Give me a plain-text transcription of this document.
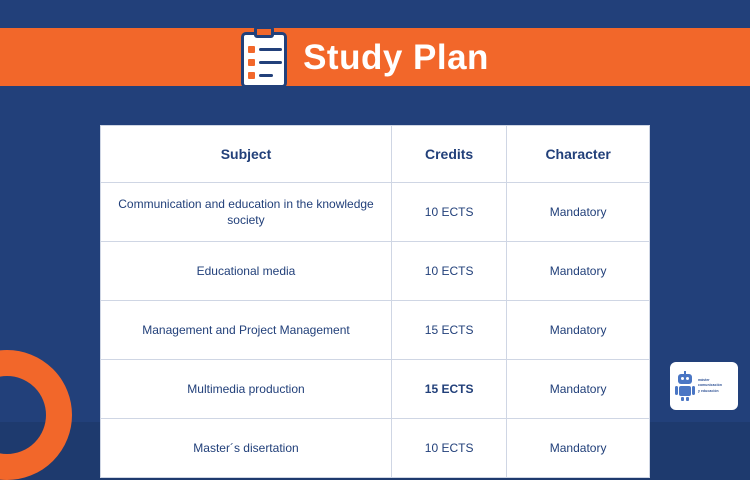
Study Plan
Subject	Credits	Character
Communication and education in the knowledge society	10 ECTS	Mandatory
Educational media	10 ECTS	Mandatory
Management and Project Management	15 ECTS	Mandatory
Multimedia production	15 ECTS	Mandatory
Master´s disertation	10 ECTS	Mandatory
máster
comunicación
y educación
